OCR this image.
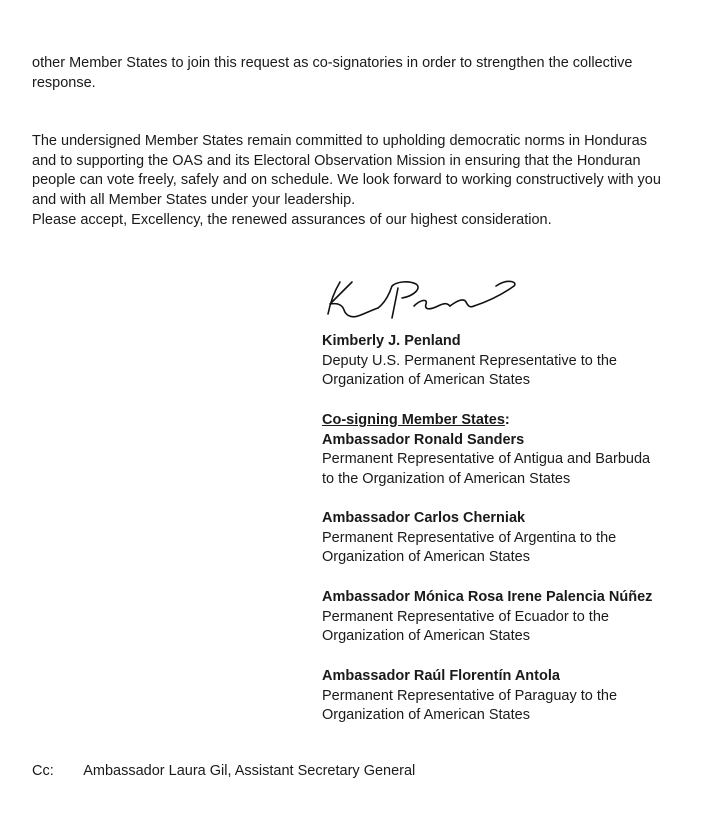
other Member States to join this request as co-signatories in order to strengthen the collective response.

The undersigned Member States remain committed to upholding democratic norms in Honduras and to supporting the OAS and its Electoral Observation Mission in ensuring that the Honduran people can vote freely, safely and on schedule. We look forward to working constructively with you and with all Member States under your leadership.

Please accept, Excellency, the renewed assurances of our highest consideration.

Kimberly J. Penland
Deputy U.S. Permanent Representative to the
Organization of American States
Co-signing Member States:
Ambassador Ronald Sanders
Permanent Representative of Antigua and Barbuda
to the Organization of American States
Ambassador Carlos Cherniak
Permanent Representative of Argentina to the
Organization of American States
Ambassador Mónica Rosa Irene Palencia Núñez
Permanent Representative of Ecuador to the
Organization of American States
Ambassador Raúl Florentín Antola
Permanent Representative of Paraguay to the
Organization of American States
Cc: Ambassador Laura Gil, Assistant Secretary General
